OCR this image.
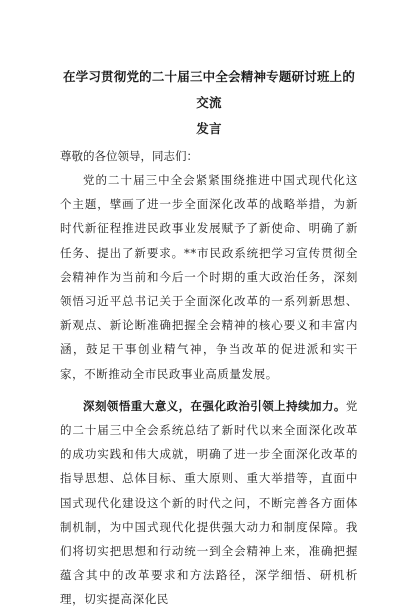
在学习贯彻党的二十届三中全会精神专题研讨班上的交流
发言

尊敬的各位领导，同志们：

党的二十届三中全会紧紧围绕推进中国式现代化这个主题，擘画了进一步全面深化改革的战略举措，为新时代新征程推进民政事业发展赋予了新使命、明确了新任务、提出了新要求。**市民政系统把学习宣传贯彻全会精神作为当前和今后一个时期的重大政治任务，深刻领悟习近平总书记关于全面深化改革的一系列新思想、新观点、新论断准确把握全会精神的核心要义和丰富内涵，鼓足干事创业精气神，争当改革的促进派和实干家，不断推动全市民政事业高质量发展。

深刻领悟重大意义，在强化政治引领上持续加力。党的二十届三中全会系统总结了新时代以来全面深化改革的成功实践和伟大成就，明确了进一步全面深化改革的指导思想、总体目标、重大原则、重大举措等，直面中国式现代化建设这个新的时代之问，不断完善各方面体制机制，为中国式现代化提供强大动力和制度保障。我们将切实把思想和行动统一到全会精神上来，准确把握蕴含其中的改革要求和方法路径，深学细悟、研机析理，切实提高深化民
